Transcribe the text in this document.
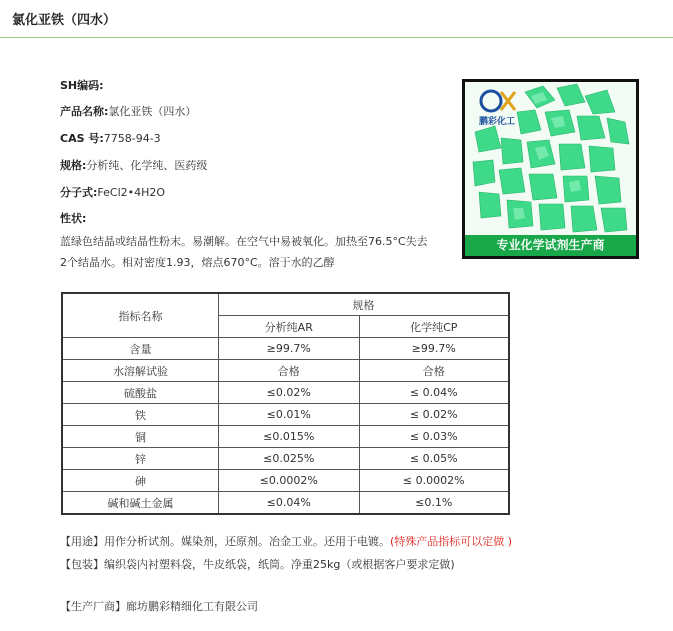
氯化亚铁（四水）
SH编码:
产品名称:氯化亚铁（四水）
CAS 号:7758-94-3
规格:分析纯、化学纯、医药级
分子式:FeCl2•4H2O
性状:
蓝绿色结晶或结晶性粉末。易潮解。在空气中易被氧化。加热至76.5°C失去
2个结晶水。相对密度1.93，熔点670°C。溶于水的乙醇
鹏彩化工
专业化学试剂生产商
指标名称	规格	
	分析纯AR	化学纯CP
含量	≥99.7%	≥99.7%
水溶解试验	合格	合格
硫酸盐	≤0.02%	≤ 0.04%
铁	≤0.01%	≤ 0.02%
铜	≤0.015%	≤ 0.03%
锌	≤0.025%	≤ 0.05%
砷	≤0.0002%	≤ 0.0002%
碱和碱土金属	≤0.04%	≤0.1%
【用途】用作分析试剂。媒染剂，还原剂。冶金工业。还用于电镀。(特殊产品指标可以定做 )
【包装】编织袋内衬塑料袋，牛皮纸袋，纸筒。净重25kg（或根据客户要求定做)
【生产厂商】廊坊鹏彩精细化工有限公司
